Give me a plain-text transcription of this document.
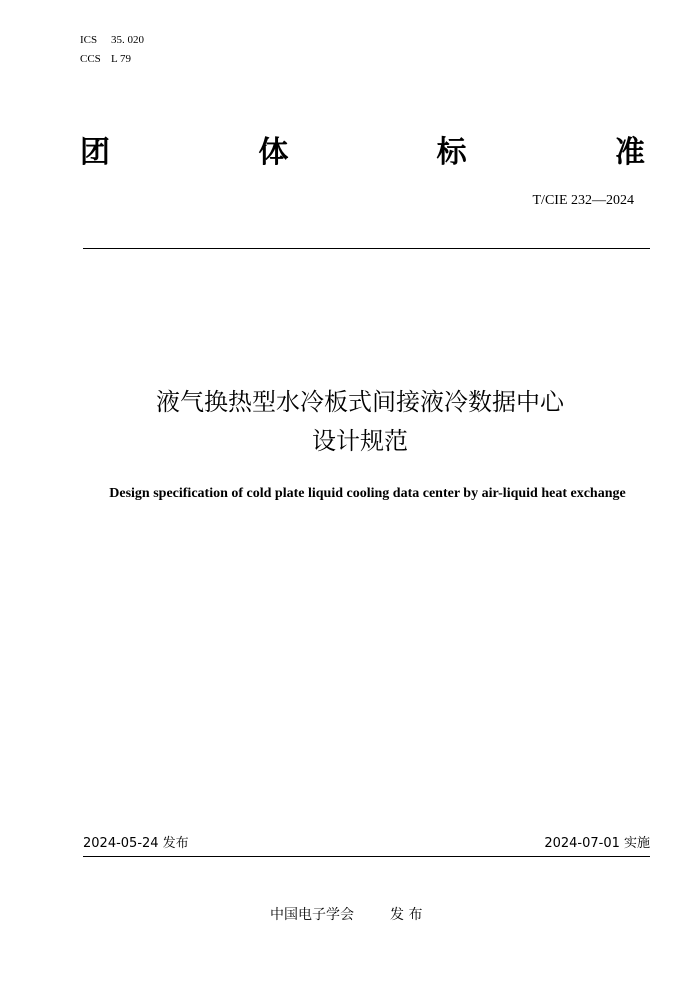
ICS 35. 020
CCS L 79
团	体	标	准
T/CIE 232—2024
液气换热型水冷板式间接液冷数据中心
设计规范
Design specification of cold plate liquid cooling data center by air-liquid heat exchange
2024-05-24 发布	2024-07-01 实施
中国电子学会	发 布
